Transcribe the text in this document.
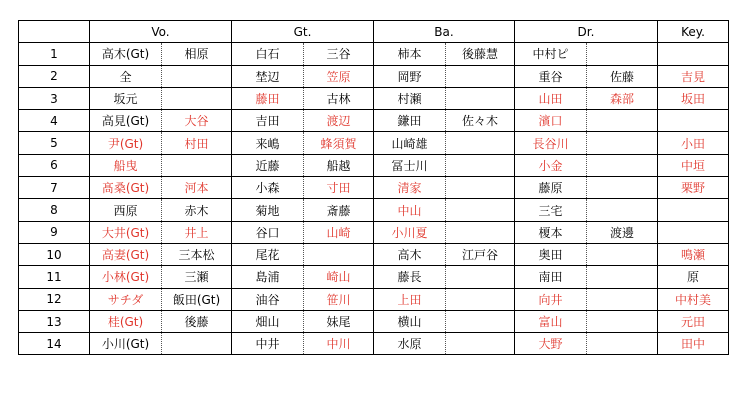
	Vo.		Gt.		Ba.		Dr.		Key.
1	高木(Gt)	相原	白石	三谷	柿本	後藤慧	中村ピ		
2	全		埜辺	笠原	岡野		重谷	佐藤	吉見
3	坂元		藤田	古林	村瀬		山田	森部	坂田
4	高見(Gt)	大谷	吉田	渡辺	鎌田	佐々木	濱口		
5	尹(Gt)	村田	来嶋	蜂須賀	山崎雄		長谷川		小田
6	船曳		近藤	船越	冨士川		小金		中垣
7	髙桑(Gt)	河本	小森	寸田	清家		藤原		栗野
8	西原	赤木	菊地	斎藤	中山		三宅		
9	大井(Gt)	井上	谷口	山崎	小川夏		榎本	渡邊	
10	高妻(Gt)	三本松	尾花		高木	江戸谷	奥田		鳴瀬
11	小林(Gt)	三瀬	島浦	崎山	藤長		南田		原
12	サチダ	飯田(Gt)	油谷	笹川	上田		向井		中村美
13	桂(Gt)	後藤	畑山	妹尾	横山		富山		元田
14	小川(Gt)		中井	中川	水原		大野		田中
